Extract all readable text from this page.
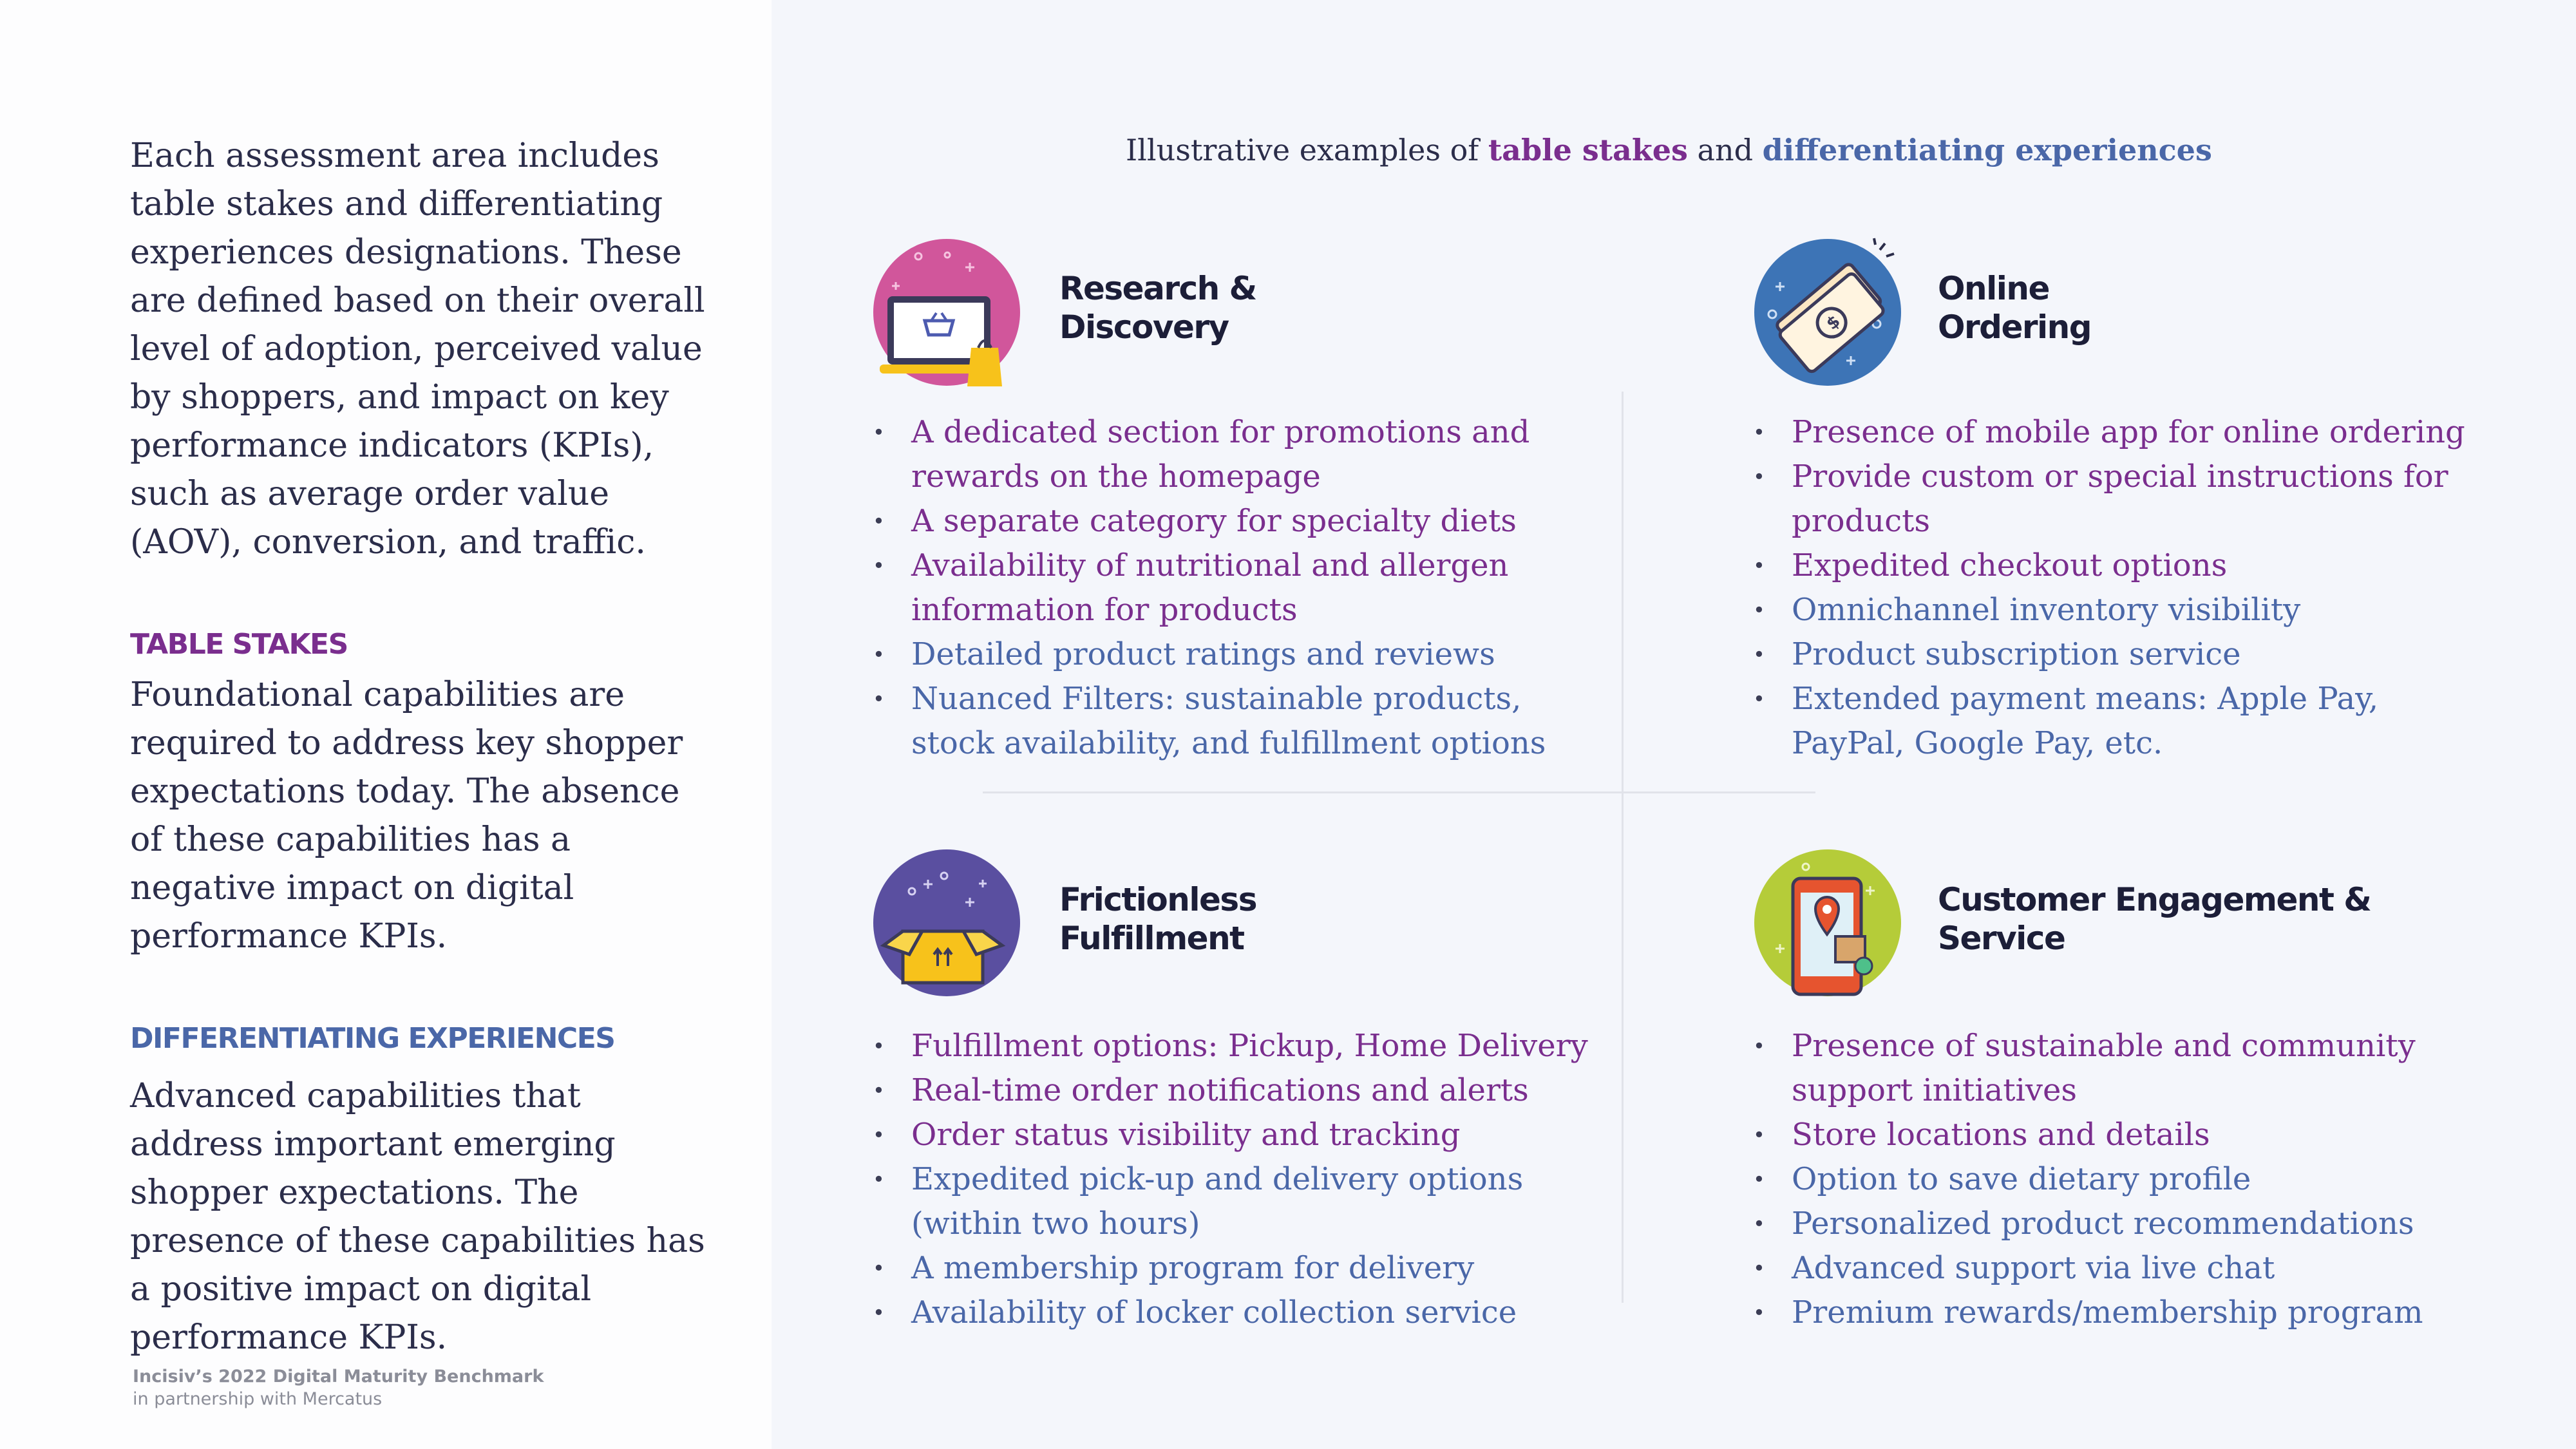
Each assessment area includes table stakes and differentiating experiences designations. These are defined based on their overall level of adoption, perceived value by shoppers, and impact on key performance indicators (KPIs), such as average order value (AOV), conversion, and traffic.
TABLE STAKES
Foundational capabilities are required to address key shopper expectations today. The absence of these capabilities has a negative impact on digital performance KPIs.
DIFFERENTIATING EXPERIENCES
Advanced capabilities that address important emerging shopper expectations. The presence of these capabilities has a positive impact on digital performance KPIs.
Incisiv’s 2022 Digital Maturity Benchmark
in partnership with Mercatus
Illustrative examples of table stakes and differentiating experiences
Research &
Discovery
• A dedicated section for promotions and rewards on the homepage
• A separate category for specialty diets
• Availability of nutritional and allergen information for products
• Detailed product ratings and reviews
• Nuanced Filters: sustainable products, stock availability, and fulfillment options
$
Online
Ordering
• Presence of mobile app for online ordering
• Provide custom or special instructions for products
• Expedited checkout options
• Omnichannel inventory visibility
• Product subscription service
• Extended payment means: Apple Pay, PayPal, Google Pay, etc.
Frictionless
Fulfillment
• Fulfillment options: Pickup, Home Delivery
• Real-time order notifications and alerts
• Order status visibility and tracking
• Expedited pick-up and delivery options (within two hours)
• A membership program for delivery
• Availability of locker collection service
Customer Engagement &
Service
• Presence of sustainable and community support initiatives
• Store locations and details
• Option to save dietary profile
• Personalized product recommendations
• Advanced support via live chat
• Premium rewards/membership program
